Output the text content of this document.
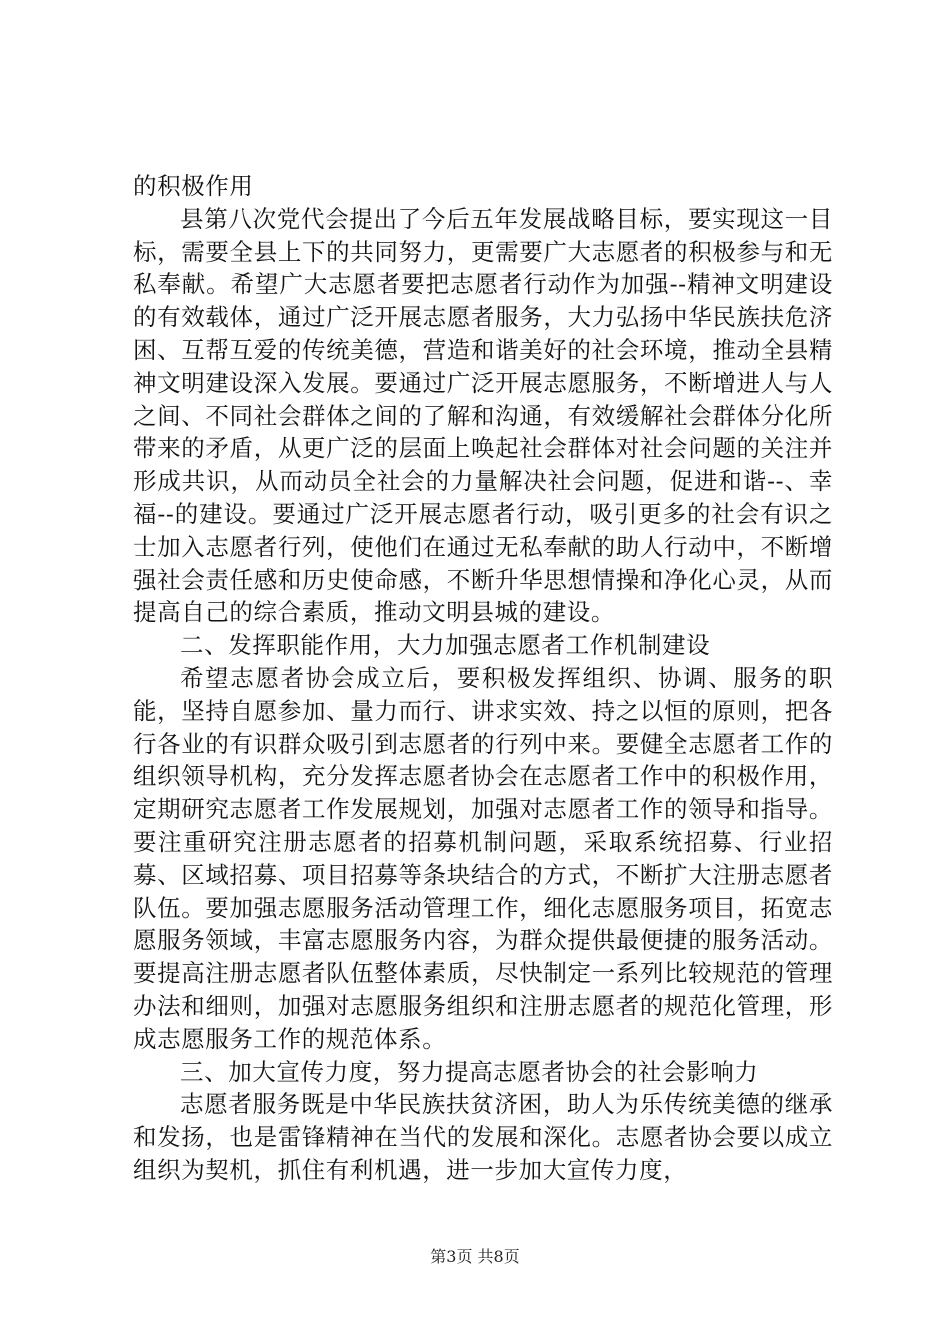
的积极作用

县第八次党代会提出了今后五年发展战略目标，要实现这一目标，需要全县上下的共同努力，更需要广大志愿者的积极参与和无私奉献。希望广大志愿者要把志愿者行动作为加强--精神文明建设的有效载体，通过广泛开展志愿者服务，大力弘扬中华民族扶危济困、互帮互爱的传统美德，营造和谐美好的社会环境，推动全县精神文明建设深入发展。要通过广泛开展志愿服务，不断增进人与人之间、不同社会群体之间的了解和沟通，有效缓解社会群体分化所带来的矛盾，从更广泛的层面上唤起社会群体对社会问题的关注并形成共识，从而动员全社会的力量解决社会问题，促进和谐--、幸福--的建设。要通过广泛开展志愿者行动，吸引更多的社会有识之士加入志愿者行列，使他们在通过无私奉献的助人行动中，不断增强社会责任感和历史使命感，不断升华思想情操和净化心灵，从而提高自己的综合素质，推动文明县城的建设。

二、发挥职能作用，大力加强志愿者工作机制建设

希望志愿者协会成立后，要积极发挥组织、协调、服务的职能，坚持自愿参加、量力而行、讲求实效、持之以恒的原则，把各行各业的有识群众吸引到志愿者的行列中来。要健全志愿者工作的组织领导机构，充分发挥志愿者协会在志愿者工作中的积极作用，定期研究志愿者工作发展规划，加强对志愿者工作的领导和指导。要注重研究注册志愿者的招募机制问题，采取系统招募、行业招募、区域招募、项目招募等条块结合的方式，不断扩大注册志愿者队伍。要加强志愿服务活动管理工作，细化志愿服务项目，拓宽志愿服务领域，丰富志愿服务内容，为群众提供最便捷的服务活动。要提高注册志愿者队伍整体素质，尽快制定一系列比较规范的管理办法和细则，加强对志愿服务组织和注册志愿者的规范化管理，形成志愿服务工作的规范体系。

三、加大宣传力度，努力提高志愿者协会的社会影响力

志愿者服务既是中华民族扶贫济困，助人为乐传统美德的继承和发扬，也是雷锋精神在当代的发展和深化。志愿者协会要以成立组织为契机，抓住有利机遇，进一步加大宣传力度，

第3页 共8页
